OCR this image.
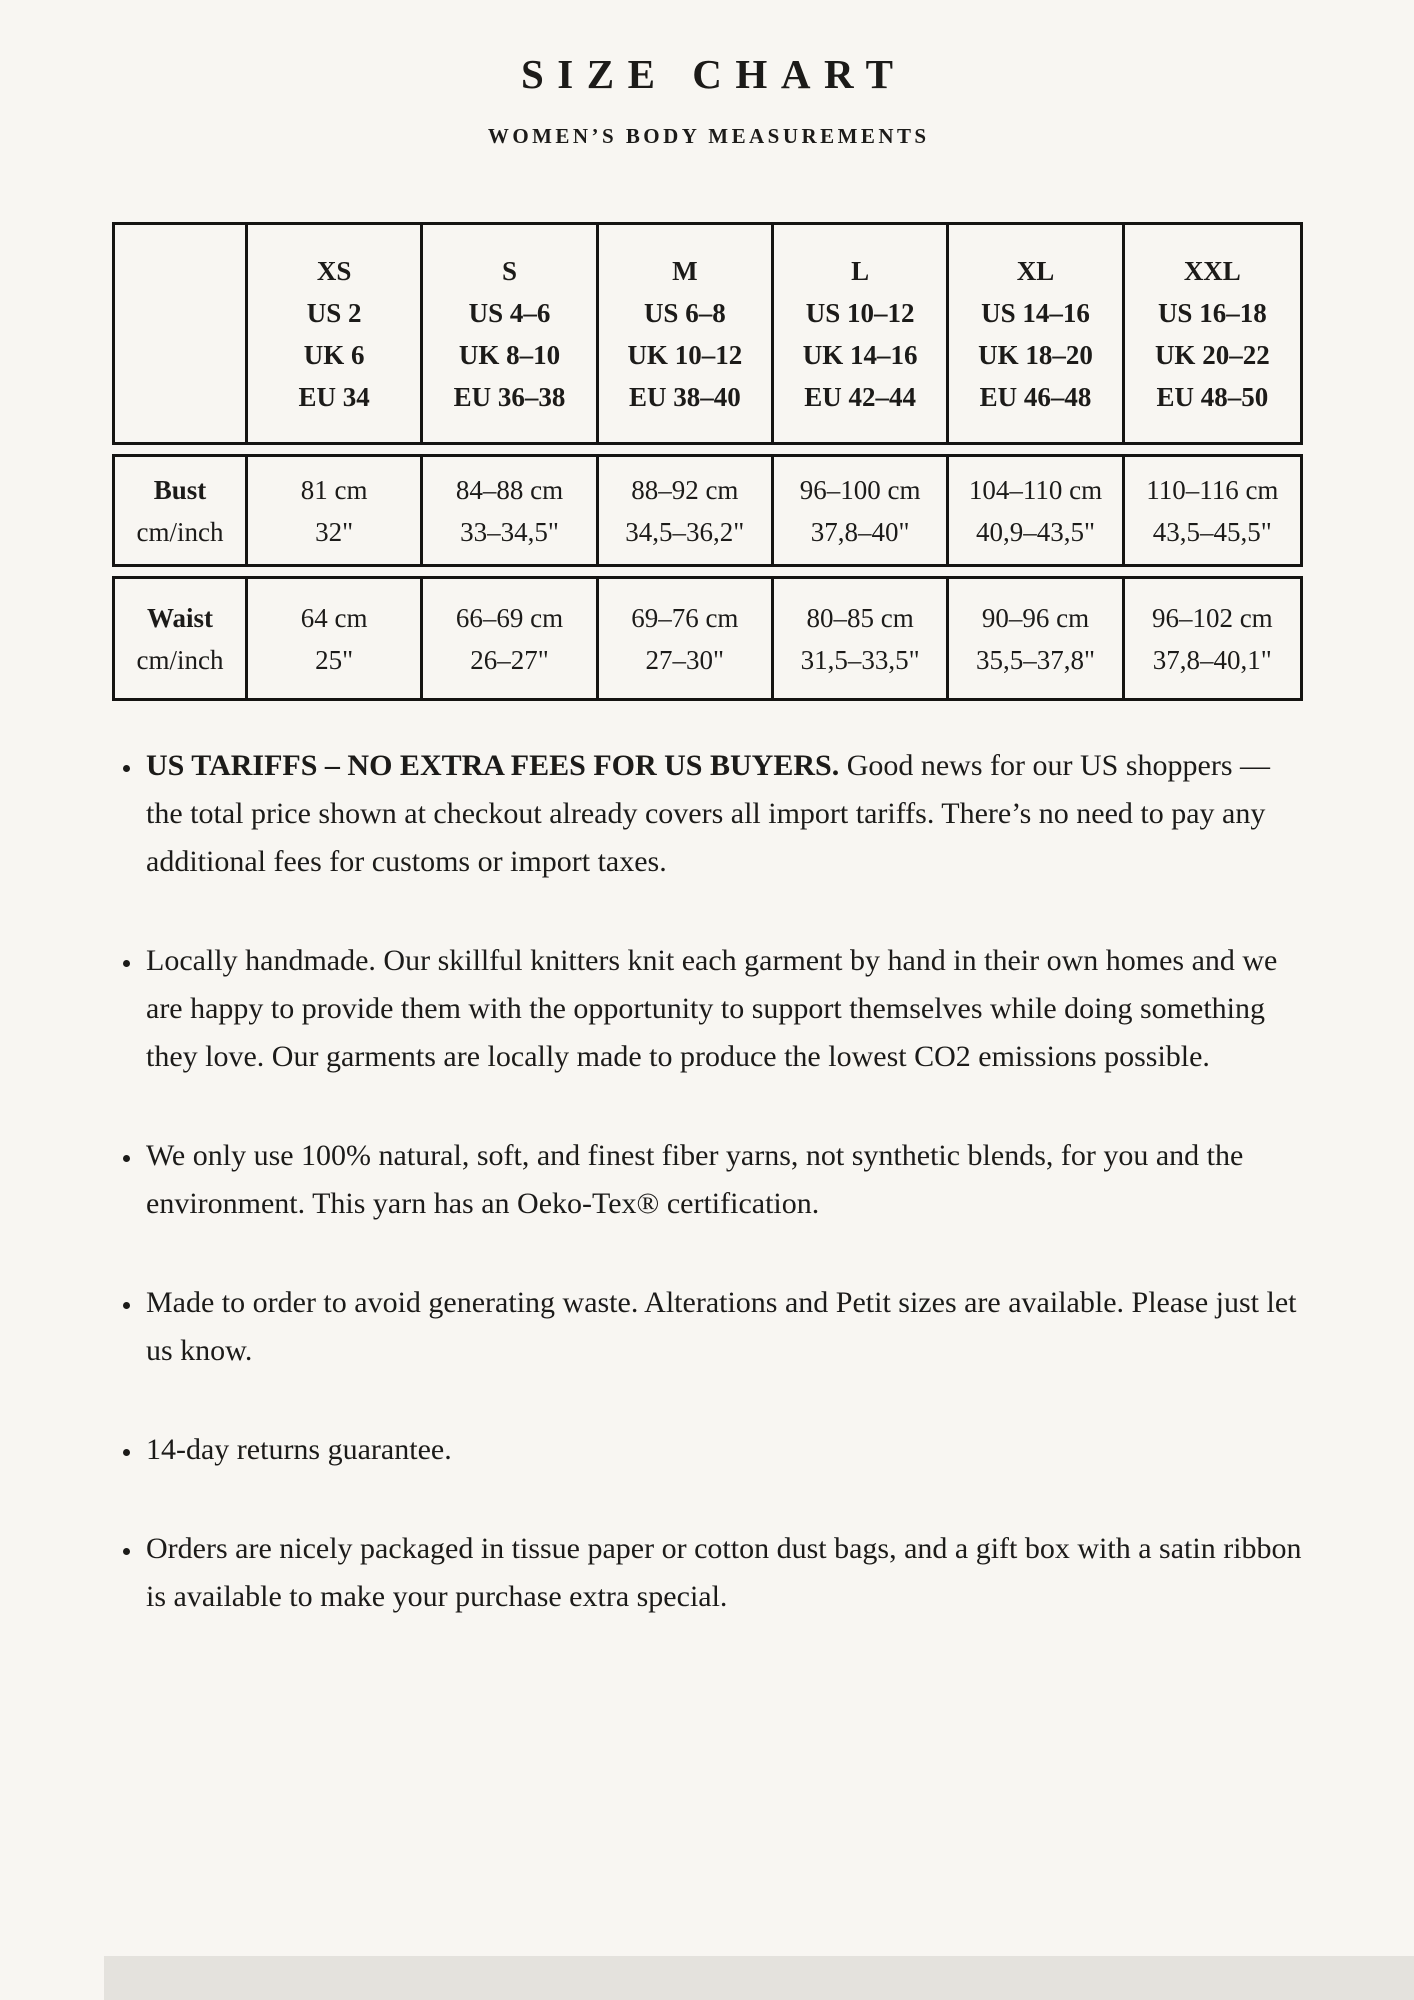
SIZE CHART
WOMEN’S BODY MEASUREMENTS
XS
US 2
UK 6
EU 34
S
US 4–6
UK 8–10
EU 36–38
M
US 6–8
UK 10–12
EU 38–40
L
US 10–12
UK 14–16
EU 42–44
XL
US 14–16
UK 18–20
EU 46–48
XXL
US 16–18
UK 20–22
EU 48–50
Bust
cm/inch
81 cm
32"
84–88 cm
33–34,5"
88–92 cm
34,5–36,2"
96–100 cm
37,8–40"
104–110 cm
40,9–43,5"
110–116 cm
43,5–45,5"
Waist
cm/inch
64 cm
25"
66–69 cm
26–27"
69–76 cm
27–30"
80–85 cm
31,5–33,5"
90–96 cm
35,5–37,8"
96–102 cm
37,8–40,1"
• US TARIFFS – NO EXTRA FEES FOR US BUYERS. Good news for our US shoppers — the total price shown at checkout already covers all import tariffs. There’s no need to pay any additional fees for customs or import taxes.
• Locally handmade. Our skillful knitters knit each garment by hand in their own homes and we are happy to provide them with the opportunity to support themselves while doing something they love. Our garments are locally made to produce the lowest CO2 emissions possible.
• We only use 100% natural, soft, and finest fiber yarns, not synthetic blends, for you and the environment. This yarn has an Oeko-Tex® certification.
• Made to order to avoid generating waste. Alterations and Petit sizes are available. Please just let us know.
• 14-day returns guarantee.
• Orders are nicely packaged in tissue paper or cotton dust bags, and a gift box with a satin ribbon is available to make your purchase extra special.
